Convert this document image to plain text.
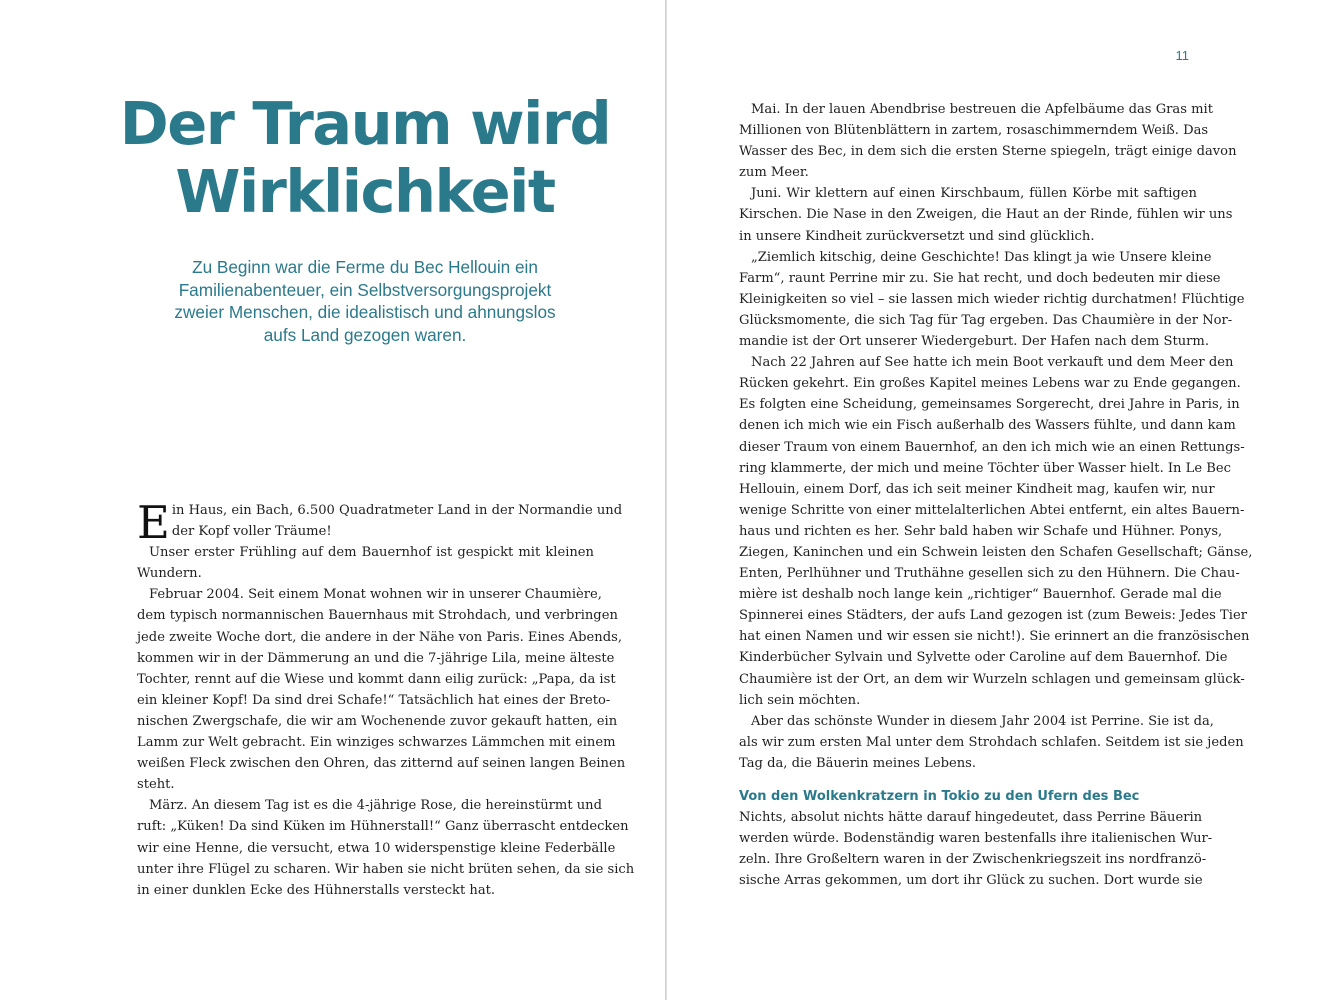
Der Traum wird
Wirklichkeit

Zu Beginn war die Ferme du Bec Hellouin ein
Familienabenteuer, ein Selbstversorgungsprojekt
zweier Menschen, die idealistisch und ahnungslos
aufs Land gezogen waren.

E in Haus, ein Bach, 6.500 Quadratmeter Land in der Normandie und
der Kopf voller Träume!
Unser erster Frühling auf dem Bauernhof ist gespickt mit kleinen
Wundern.
Februar 2004. Seit einem Monat wohnen wir in unserer Chaumière,
dem typisch normannischen Bauernhaus mit Strohdach, und verbringen
jede zweite Woche dort, die andere in der Nähe von Paris. Eines Abends,
kommen wir in der Dämmerung an und die 7-jährige Lila, meine älteste
Tochter, rennt auf die Wiese und kommt dann eilig zurück: „Papa, da ist
ein kleiner Kopf! Da sind drei Schafe!“ Tatsächlich hat eines der Breto-
nischen Zwergschafe, die wir am Wochenende zuvor gekauft hatten, ein
Lamm zur Welt gebracht. Ein winziges schwarzes Lämmchen mit einem
weißen Fleck zwischen den Ohren, das zitternd auf seinen langen Beinen
steht.
März. An diesem Tag ist es die 4-jährige Rose, die hereinstürmt und
ruft: „Küken! Da sind Küken im Hühnerstall!“ Ganz überrascht entdecken
wir eine Henne, die versucht, etwa 10 widerspenstige kleine Federbälle
unter ihre Flügel zu scharen. Wir haben sie nicht brüten sehen, da sie sich
in einer dunklen Ecke des Hühnerstalls versteckt hat.
11
Mai. In der lauen Abendbrise bestreuen die Apfelbäume das Gras mit
Millionen von Blütenblättern in zartem, rosaschimmerndem Weiß. Das
Wasser des Bec, in dem sich die ersten Sterne spiegeln, trägt einige davon
zum Meer.
Juni. Wir klettern auf einen Kirschbaum, füllen Körbe mit saftigen
Kirschen. Die Nase in den Zweigen, die Haut an der Rinde, fühlen wir uns
in unsere Kindheit zurückversetzt und sind glücklich.
„Ziemlich kitschig, deine Geschichte! Das klingt ja wie Unsere kleine
Farm“, raunt Perrine mir zu. Sie hat recht, und doch bedeuten mir diese
Kleinigkeiten so viel – sie lassen mich wieder richtig durchatmen! Flüchtige
Glücksmomente, die sich Tag für Tag ergeben. Das Chaumière in der Nor-
mandie ist der Ort unserer Wiedergeburt. Der Hafen nach dem Sturm.
Nach 22 Jahren auf See hatte ich mein Boot verkauft und dem Meer den
Rücken gekehrt. Ein großes Kapitel meines Lebens war zu Ende gegangen.
Es folgten eine Scheidung, gemeinsames Sorgerecht, drei Jahre in Paris, in
denen ich mich wie ein Fisch außerhalb des Wassers fühlte, und dann kam
dieser Traum von einem Bauernhof, an den ich mich wie an einen Rettungs-
ring klammerte, der mich und meine Töchter über Wasser hielt. In Le Bec
Hellouin, einem Dorf, das ich seit meiner Kindheit mag, kaufen wir, nur
wenige Schritte von einer mittelalterlichen Abtei entfernt, ein altes Bauern-
haus und richten es her. Sehr bald haben wir Schafe und Hühner. Ponys,
Ziegen, Kaninchen und ein Schwein leisten den Schafen Gesellschaft; Gänse,
Enten, Perlhühner und Truthähne gesellen sich zu den Hühnern. Die Chau-
mière ist deshalb noch lange kein „richtiger“ Bauernhof. Gerade mal die
Spinnerei eines Städters, der aufs Land gezogen ist (zum Beweis: Jedes Tier
hat einen Namen und wir essen sie nicht!). Sie erinnert an die französischen
Kinderbücher Sylvain und Sylvette oder Caroline auf dem Bauernhof. Die
Chaumière ist der Ort, an dem wir Wurzeln schlagen und gemeinsam glück-
lich sein möchten.
Aber das schönste Wunder in diesem Jahr 2004 ist Perrine. Sie ist da,
als wir zum ersten Mal unter dem Strohdach schlafen. Seitdem ist sie jeden
Tag da, die Bäuerin meines Lebens.
Von den Wolkenkratzern in Tokio zu den Ufern des Bec
Nichts, absolut nichts hätte darauf hingedeutet, dass Perrine Bäuerin
werden würde. Bodenständig waren bestenfalls ihre italienischen Wur-
zeln. Ihre Großeltern waren in der Zwischenkriegszeit ins nordfranzö-
sische Arras gekommen, um dort ihr Glück zu suchen. Dort wurde sie
